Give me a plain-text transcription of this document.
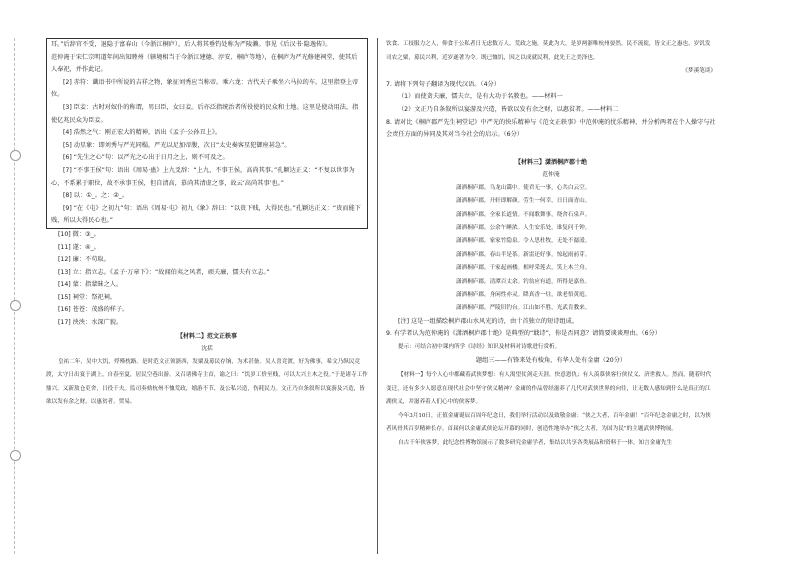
耳。”后辞官不受，退隐于富春山（今浙江桐庐），后人将其垂钓处称为严陵濑。事见《后汉书·隐逸传》。

范仲淹于宋仁宗明道年间出知睦州（辖境相当于今浙江建德、淳安、桐庐等地），在桐庐为严光修建祠堂，使其后人奉祀，并作此记。

[2] 赤符：谶语书中所说的吉祥之物，象征刘秀应当称帝。乘六龙：古代天子乘坐六马拉的车，这里指登上帝位。

[3] 臣妾：古时对奴仆的称谓，男曰臣，女曰妾。后亦泛指统治者所役使的民众和土地。这里是使动用法，指使亿兆民众为臣妾。

[4] 浩然之气：刚正宏大的精神，语出《孟子·公孙丑上》。

[5] 动星象：即刘秀与严光同榻，严光以足加帝腹，次日“太史奏客星犯御座甚急”。

[6] “先生之心”句：以严光之心出于日月之上，则不可及之。

[7] “不事王侯”句：语出《周易·蛊》上九爻辞：“上九，不事王侯，高尚其事。”孔颖达正义：“不复以世事为心，不系累于职位，故不承事王侯，但自清高，慕尚其清虚之事，故云‘高尚其事’也。”

[8] 以：①_。之：②_。

[9] “在《屯》之初九”句：语出《周易·屯》初九《象》辞曰：“以贵下贱，大得民也。”孔颖达正义：“贵而能下贱，所以大得民心也。”

[10] 微：③_。

[11] 遂：④_。

[12] 廉：不苟取。

[13] 立：指立志。《孟子·万章下》：“故闻伯夷之风者，顽夫廉，懦夫有立志。”

[14] 蒙：指蒙昧之人。

[15] 祠堂：祭祀祠。

[16] 苍苍：茂盛的样子。

[17] 泱泱：水深广貌。

【材料二】范文正轶事

沈括

皇祐二年，吴中大饥，殍殣枕路。是时范文正领浙西，发粟及募民存饷，为术甚备。吴人喜竞渡，好为佛事，希文乃纵民竞渡，太守日出宴于湖上，自春至夏，居民空巷出游。又召诸佛寺主首，谕之曰：“饥岁工价至贱，可以大兴土木之役。”于是诸寺工作鼎兴。又新敖仓吏舍，日役千夫。监司奏劾杭州不恤荒政，嬉游不节，及公私兴造，伤耗民力。文正乃自条叙所以宴游及兴造，皆欲以发有余之财，以惠贫者。贸易、

饮食、工技服力之人，仰食于公私者日无虑数万人。荒政之施，莫此为大。是岁两浙唯杭州晏然，民不流徙，皆文正之惠也。岁饥发司农之粟，募民兴利，近岁遂著为令。既已恤饥，因之以成就民利，此先王之美泽也。

《梦溪笔谈》

7. 请将下列句子翻译为现代汉语。（4分）

（1）而使贪夫廉，懦夫立，是有大功于名教也。——材料一

（2）文正乃自条叙所以宴游及兴造，皆欲以发有余之财，以惠贫者。——材料二

8. 请对比《桐庐郡严先生祠堂记》中严光的快乐精神与《范文正轶事》中范仲淹的忧乐精神，并分析两者在个人操守与社会责任方面的异同及其对当今社会的启示。（6分）

【材料三】潇洒桐庐郡十绝

范仲淹

潇洒桐庐郡，乌龙山霭中。使君无一事，心共白云空。

潇洒桐庐郡，开轩即解颜。劳生一何幸，日日面青山。

潇洒桐庐郡，全家长道情。不闻歌舞事，绕舍石泉声。

潇洒桐庐郡，公余午睡浓。人生安乐处，谁复问千钟。

潇洒桐庐郡，家家竹隐泉。令人思杜牧，无处不潺湲。

潇洒桐庐郡，春山半是茶。新雷还好事，惊起雨前芽。

潇洒桐庐郡，千家起画楼。相呼采莲去，笑上木兰舟。

潇洒桐庐郡，清潭百丈余。钓翁应有道，所得是嘉鱼。

潇洒桐庐郡，身闲性亦灵。降真香一炷，欲老悟黄庭。

潇洒桐庐郡，严陵旧钓台。江山如不胜，光武肯教来。

[注] 这是一组描绘桐庐郡山水风光的诗，由十首独立的短诗组成。

9. 有学者认为范仲淹的《潇洒桐庐郡十绝》是典型的“戢诗”，你是否同意？请简要谈谈理由。（6分）

提示：可结合初中课内所学《诗经》知识及材料对诗歌进行赏析。

题组三——有锋来处有棱角，有华人处有金庸（20分）

【材料一】每个人心中都藏着武侠梦想：有人渴望仗剑走天涯，快意恩仇；有人羡慕侠客行侠仗义、济世救人。然而，随着时代变迁，还有多少人愿意在现代社会中坚守侠义精神？金庸的作品曾经滋养了几代对武侠世界的向往，让无数人感知到什么是真正的江湖侠义，并滋养着人们心中的侠客梦。

今年3月10日，正值金庸诞辰百周年纪念日，我们举行活动以及致敬金庸：“侠之大者，百年金庸！”百年纪念金庸之时，以为侠者风骨其百岁精神长存。首届何以金庸武侠论坛开幕的同时，创造性地举办“侠之大者，为国为民”的主题武侠博物展。

自古千年侠客梦，此纪念性博物馆展示了数多研究金庸学者，集结以共享各类展品和资料于一体，知言金庸先生
